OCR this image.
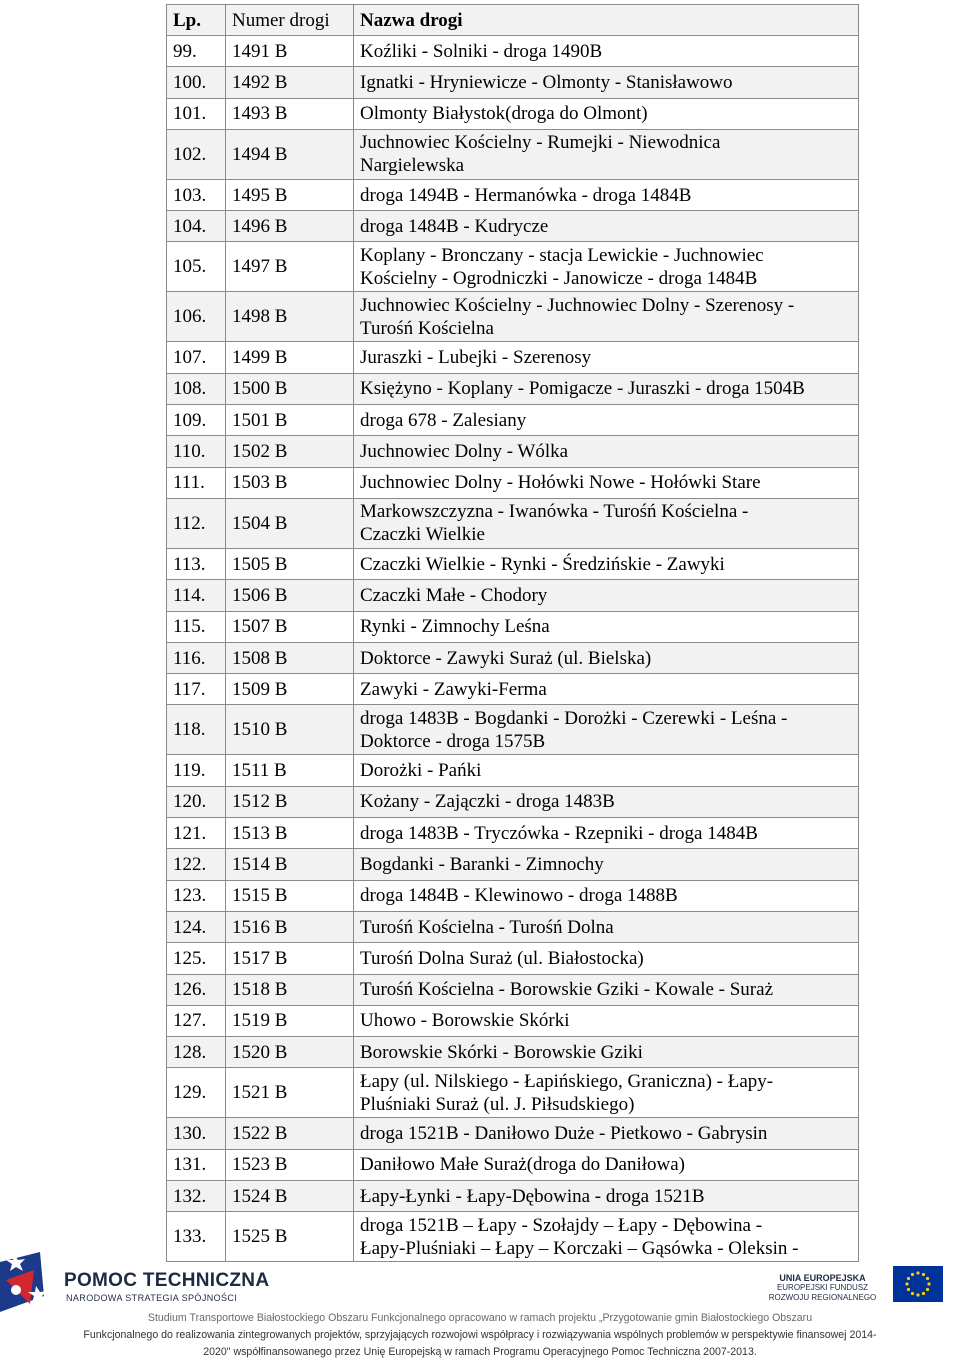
Lp.	Numer drogi	Nazwa drogi
99.	1491 B	Koźliki - Solniki - droga 1490B

100.	1492 B	Ignatki - Hryniewicze - Olmonty - Stanisławowo

101.	1493 B	Olmonty Białystok(droga do Olmont)

102.	1494 B	Juchnowiec Kościelny - Rumejki - Niewodnica
Nargielewska

103.	1495 B	droga 1494B - Hermanówka - droga 1484B

104.	1496 B	droga 1484B - Kudrycze

105.	1497 B	Koplany - Bronczany - stacja Lewickie - Juchnowiec
Kościelny - Ogrodniczki - Janowicze - droga 1484B

106.	1498 B	Juchnowiec Kościelny - Juchnowiec Dolny - Szerenosy -
Turośń Kościelna

107.	1499 B	Juraszki - Lubejki - Szerenosy

108.	1500 B	Księżyno - Koplany - Pomigacze - Juraszki - droga 1504B

109.	1501 B	droga 678 - Zalesiany

110.	1502 B	Juchnowiec Dolny - Wólka

111.	1503 B	Juchnowiec Dolny - Hołówki Nowe - Hołówki Stare

112.	1504 B	Markowszczyzna - Iwanówka - Turośń Kościelna -
Czaczki Wielkie

113.	1505 B	Czaczki Wielkie - Rynki - Średzińskie - Zawyki

114.	1506 B	Czaczki Małe - Chodory

115.	1507 B	Rynki - Zimnochy Leśna

116.	1508 B	Doktorce - Zawyki Suraż (ul. Bielska)

117.	1509 B	Zawyki - Zawyki-Ferma

118.	1510 B	droga 1483B - Bogdanki - Dorożki - Czerewki - Leśna -
Doktorce - droga 1575B

119.	1511 B	Dorożki - Pańki

120.	1512 B	Kożany - Zajączki - droga 1483B

121.	1513 B	droga 1483B - Tryczówka - Rzepniki - droga 1484B

122.	1514 B	Bogdanki - Baranki - Zimnochy

123.	1515 B	droga 1484B - Klewinowo - droga 1488B

124.	1516 B	Turośń Kościelna - Turośń Dolna

125.	1517 B	Turośń Dolna Suraż (ul. Białostocka)

126.	1518 B	Turośń Kościelna - Borowskie Gziki - Kowale - Suraż

127.	1519 B	Uhowo - Borowskie Skórki

128.	1520 B	Borowskie Skórki - Borowskie Gziki

129.	1521 B	Łapy (ul. Nilskiego - Łapińskiego, Graniczna) - Łapy-
Pluśniaki Suraż (ul. J. Piłsudskiego)

130.	1522 B	droga 1521B - Daniłowo Duże - Pietkowo - Gabrysin

131.	1523 B	Daniłowo Małe Suraż(droga do Daniłowa)

132.	1524 B	Łapy-Łynki - Łapy-Dębowina - droga 1521B

133.	1525 B	droga 1521B – Łapy - Szołajdy – Łapy - Dębowina -
Łapy-Pluśniaki – Łapy – Korczaki – Gąsówka - Oleksin -
POMOC TECHNICZNA
NARODOWA STRATEGIA SPÓJNOŚCI
UNIA EUROPEJSKA
EUROPEJSKI FUNDUSZ
ROZWOJU REGIONALNEGO
Studium Transportowe Białostockiego Obszaru Funkcjonalnego opracowano w ramach projektu „Przygotowanie gmin Białostockiego Obszaru
Funkcjonalnego do realizowania zintegrowanych projektów, sprzyjających rozwojowi współpracy i rozwiązywania wspólnych problemów w perspektywie finansowej 2014-
2020" współfinansowanego przez Unię Europejską w ramach Programu Operacyjnego Pomoc Techniczna 2007-2013.
